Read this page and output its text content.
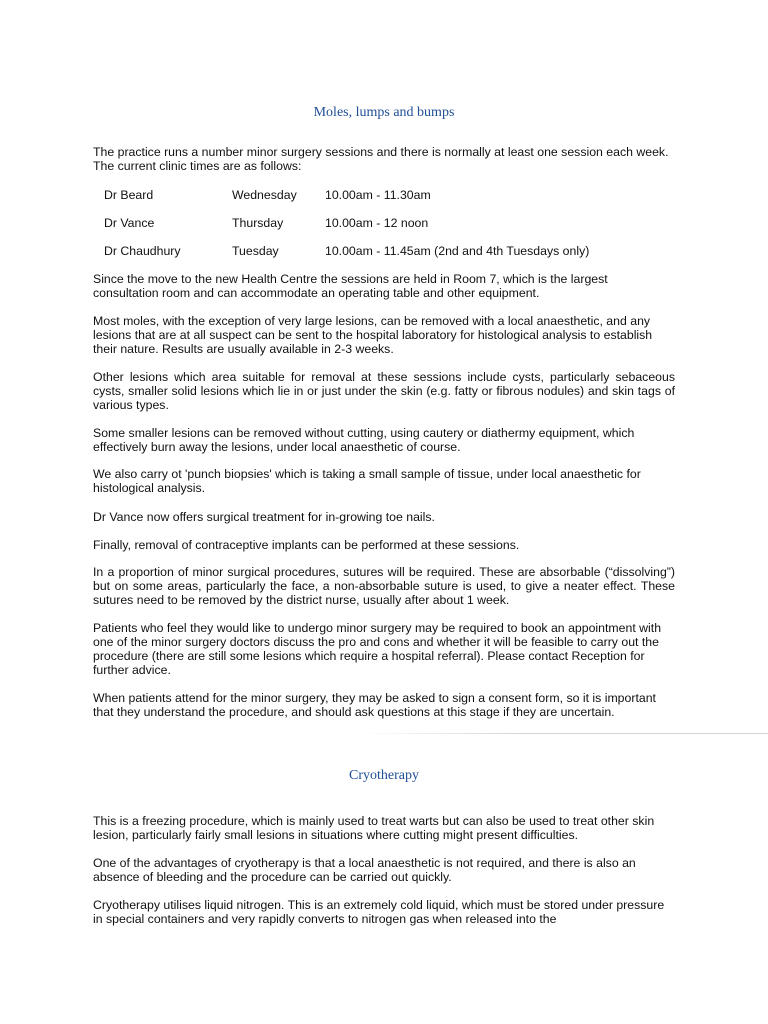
Moles, lumps and bumps

The practice runs a number minor surgery sessions and there is normally at least one session each week. The current clinic times are as follows:

Dr Beard	Wednesday 10.00am - 11.30am
Dr Vance	Thursday	10.00am - 12 noon
Dr Chaudhury	Tuesday	10.00am - 11.45am (2nd and 4th Tuesdays only)

Since the move to the new Health Centre the sessions are held in Room 7, which is the largest consultation room and can accommodate an operating table and other equipment.

Most moles, with the exception of very large lesions, can be removed with a local anaesthetic, and any lesions that are at all suspect can be sent to the hospital laboratory for histological analysis to establish their nature. Results are usually available in 2-3 weeks.

Other lesions which area suitable for removal at these sessions include cysts, particularly sebaceous cysts, smaller solid lesions which lie in or just under the skin (e.g. fatty or fibrous nodules) and skin tags of various types.

Some smaller lesions can be removed without cutting, using cautery or diathermy equipment, which effectively burn away the lesions, under local anaesthetic of course.

We also carry ot 'punch biopsies' which is taking a small sample of tissue, under local anaesthetic for histological analysis.

Dr Vance now offers surgical treatment for in-growing toe nails.

Finally, removal of contraceptive implants can be performed at these sessions.

In a proportion of minor surgical procedures, sutures will be required. These are absorbable (“dissolving”) but on some areas, particularly the face, a non-absorbable suture is used, to give a neater effect. These sutures need to be removed by the district nurse, usually after about 1 week.

Patients who feel they would like to undergo minor surgery may be required to book an appointment with one of the minor surgery doctors discuss the pro and cons and whether it will be feasible to carry out the procedure (there are still some lesions which require a hospital referral). Please contact Reception for further advice.

When patients attend for the minor surgery, they may be asked to sign a consent form, so it is important that they understand the procedure, and should ask questions at this stage if they are uncertain.

Cryotherapy

This is a freezing procedure, which is mainly used to treat warts but can also be used to treat other skin lesion, particularly fairly small lesions in situations where cutting might present difficulties.

One of the advantages of cryotherapy is that a local anaesthetic is not required, and there is also an absence of bleeding and the procedure can be carried out quickly.

Cryotherapy utilises liquid nitrogen. This is an extremely cold liquid, which must be stored under pressure in special containers and very rapidly converts to nitrogen gas when released into the
